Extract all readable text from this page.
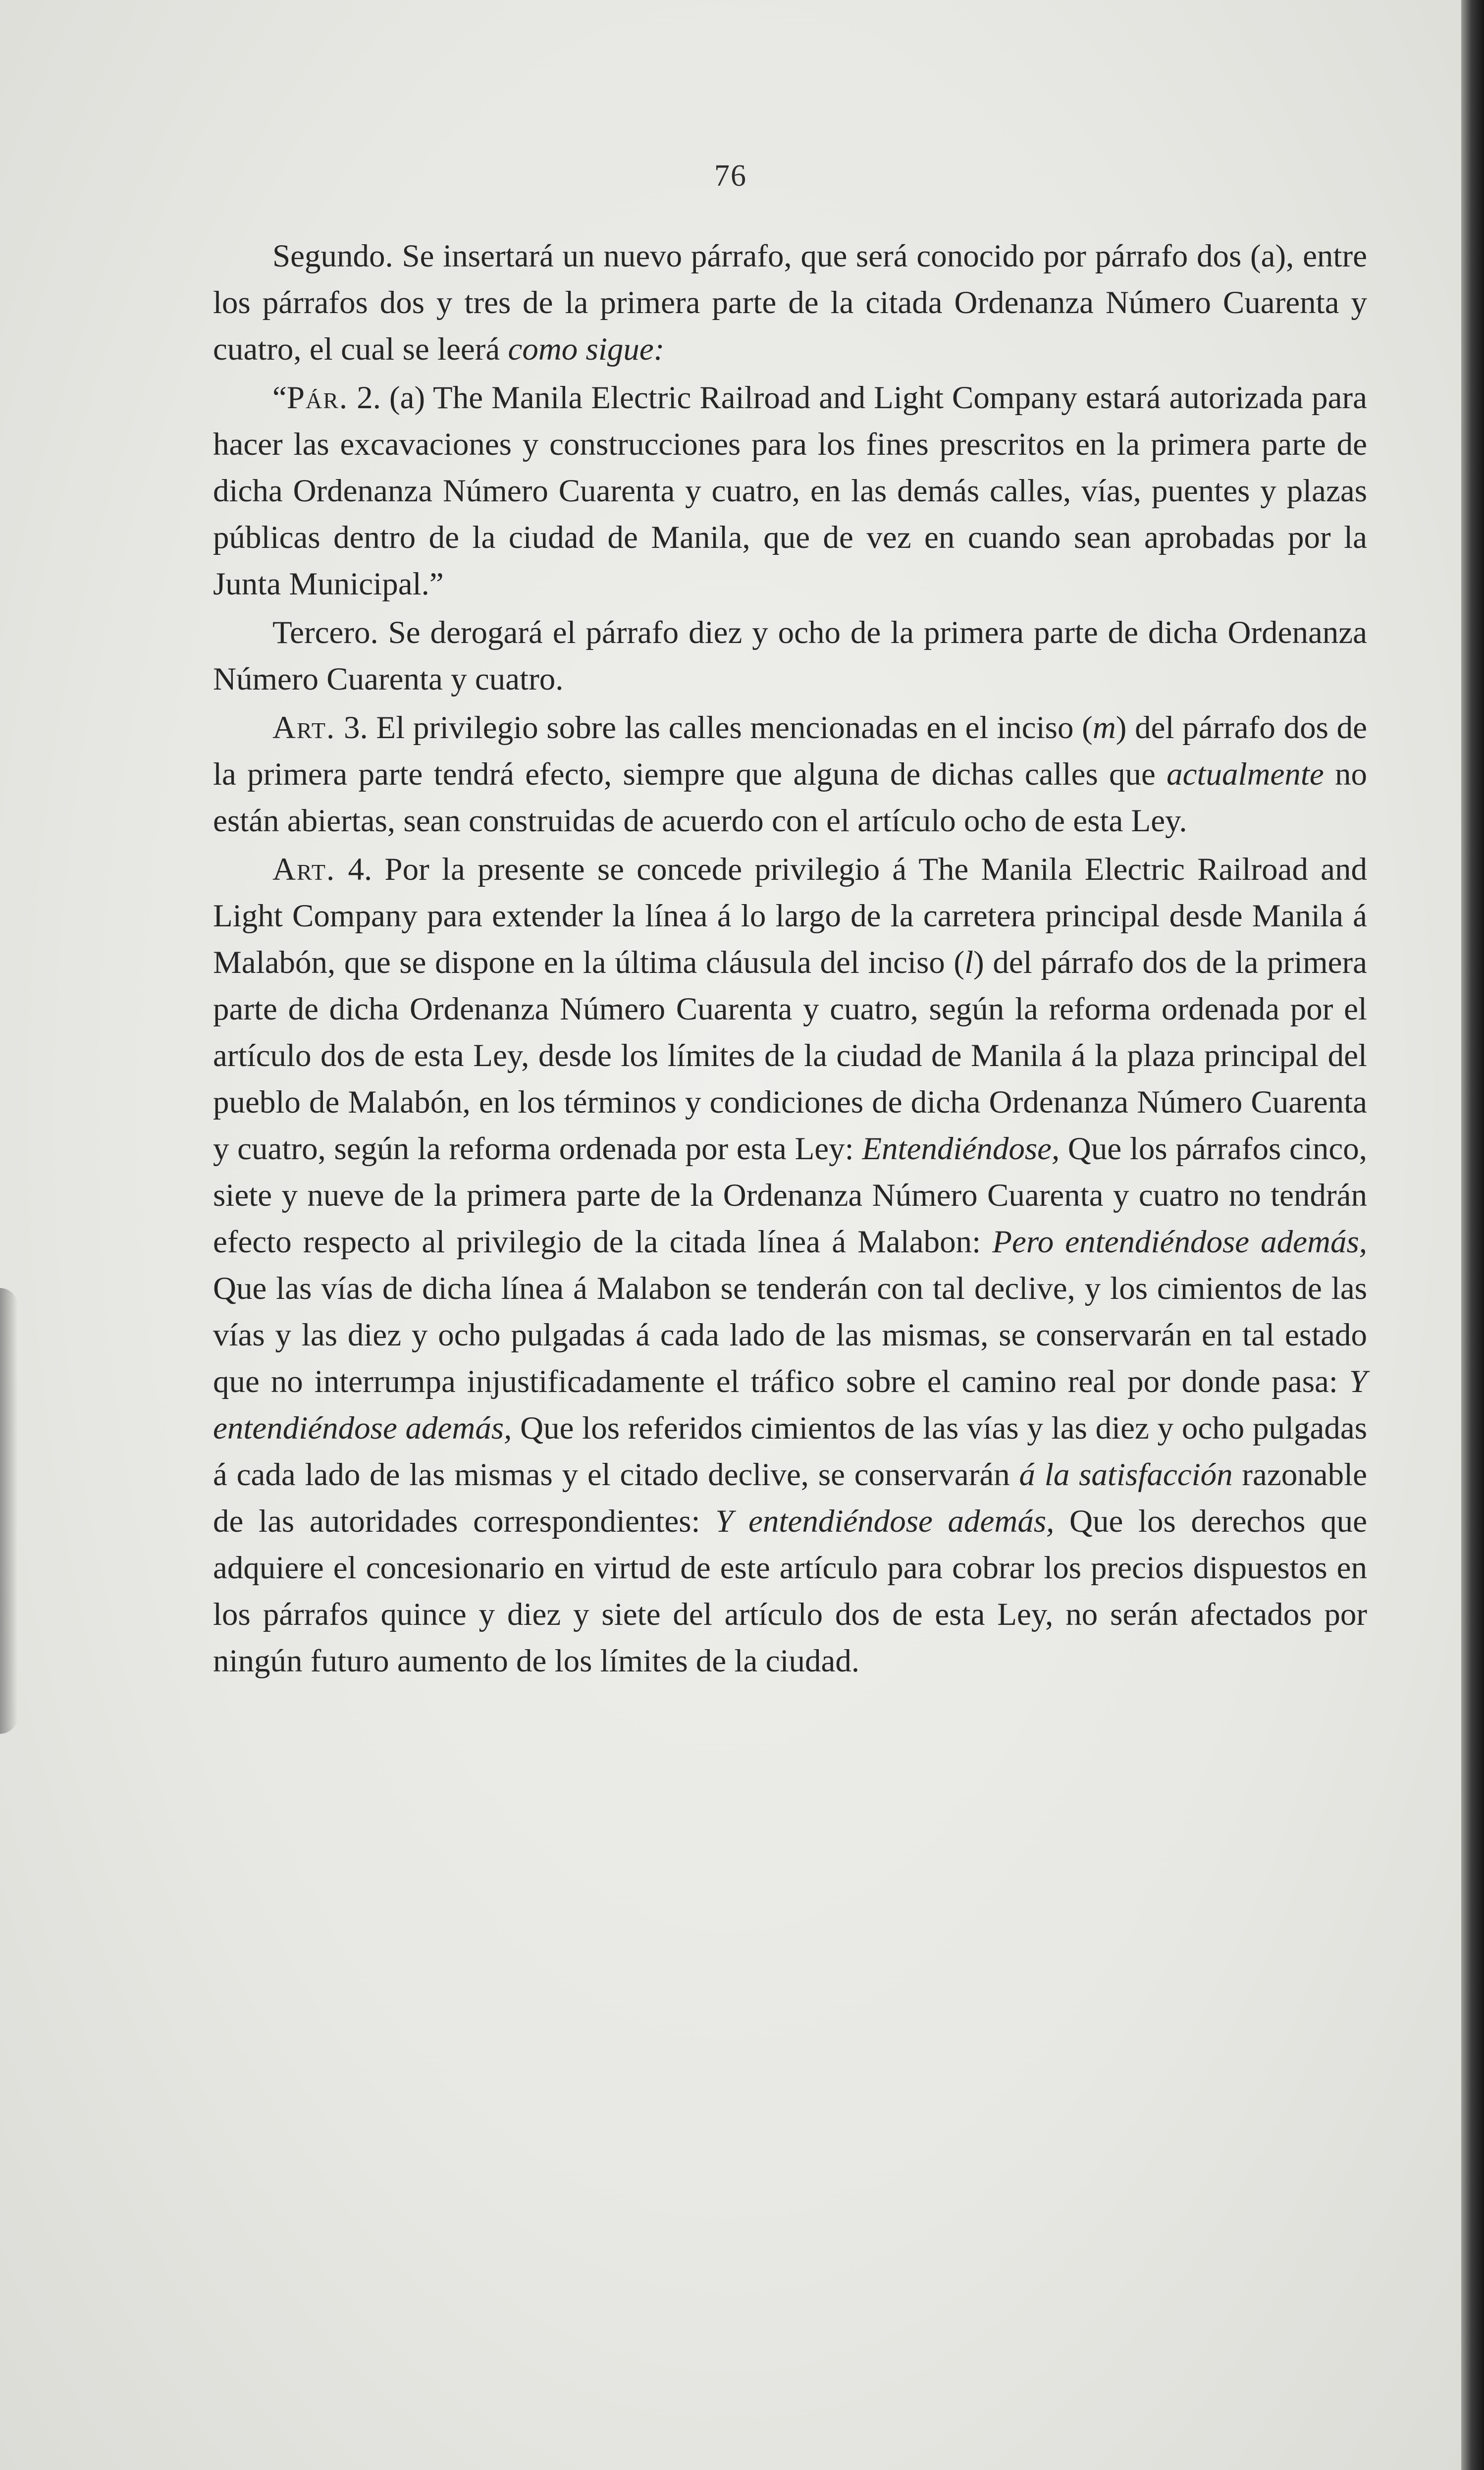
76

Segundo. Se insertará un nuevo párrafo, que será conocido por párrafo dos (a), entre los párrafos dos y tres de la primera parte de la citada Ordenanza Número Cuarenta y cuatro, el cual se leerá como sigue:

“Pár. 2. (a) The Manila Electric Railroad and Light Company estará autorizada para hacer las excavaciones y construcciones para los fines prescritos en la primera parte de dicha Ordenanza Número Cuarenta y cuatro, en las demás calles, vías, puentes y plazas públicas dentro de la ciudad de Manila, que de vez en cuando sean aprobadas por la Junta Municipal.”

Tercero. Se derogará el párrafo diez y ocho de la primera parte de dicha Ordenanza Número Cuarenta y cuatro.

Art. 3. El privilegio sobre las calles mencionadas en el inciso (m) del párrafo dos de la primera parte tendrá efecto, siempre que alguna de dichas calles que actualmente no están abiertas, sean construidas de acuerdo con el artículo ocho de esta Ley.

Art. 4. Por la presente se concede privilegio á The Manila Electric Railroad and Light Company para extender la línea á lo largo de la carretera principal desde Manila á Malabón, que se dispone en la última cláusula del inciso (l) del párrafo dos de la primera parte de dicha Ordenanza Número Cuarenta y cuatro, según la reforma ordenada por el artículo dos de esta Ley, desde los límites de la ciudad de Manila á la plaza principal del pueblo de Malabón, en los términos y condiciones de dicha Ordenanza Número Cuarenta y cuatro, según la reforma ordenada por esta Ley: Entendiéndose, Que los párrafos cinco, siete y nueve de la primera parte de la Ordenanza Número Cuarenta y cuatro no tendrán efecto respecto al privilegio de la citada línea á Malabon: Pero entendiéndose además, Que las vías de dicha línea á Malabon se tenderán con tal declive, y los cimientos de las vías y las diez y ocho pulgadas á cada lado de las mismas, se conservarán en tal estado que no interrumpa injustificadamente el tráfico sobre el camino real por donde pasa: Y entendiéndose además, Que los referidos cimientos de las vías y las diez y ocho pulgadas á cada lado de las mismas y el citado declive, se conservarán á la satisfacción razonable de las autoridades correspondientes: Y entendiéndose además, Que los derechos que adquiere el concesionario en virtud de este artículo para cobrar los precios dispuestos en los párrafos quince y diez y siete del artículo dos de esta Ley, no serán afectados por ningún futuro aumento de los límites de la ciudad.
